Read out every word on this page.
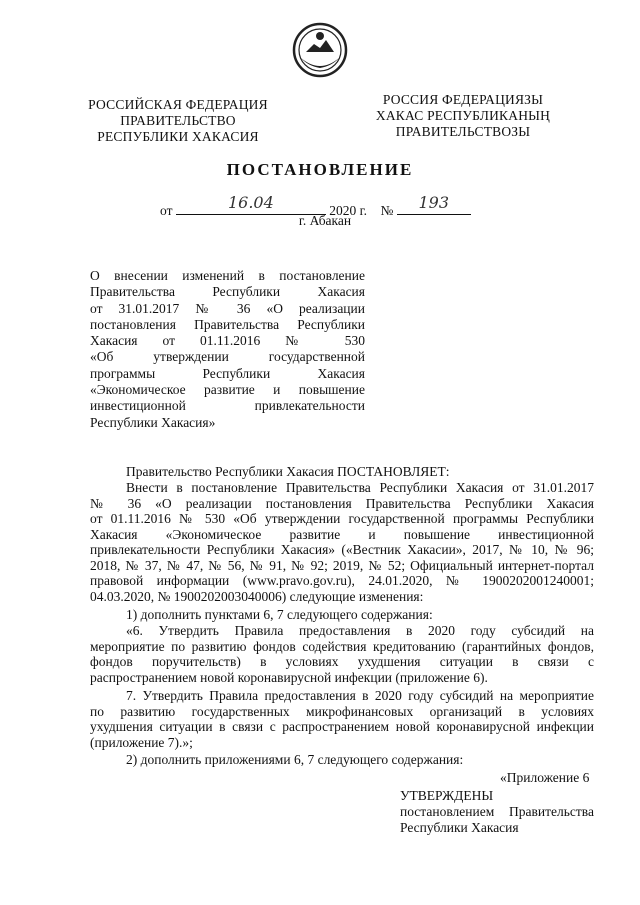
РОССИЙСКАЯ ФЕДЕРАЦИЯ
ПРАВИТЕЛЬСТВО
РЕСПУБЛИКИ ХАКАСИЯ
РОССИЯ ФЕДЕРАЦИЯЗЫ
ХАКАС РЕСПУБЛИКАНЫҢ
ПРАВИТЕЛЬСТВОЗЫ
ПОСТАНОВЛЕНИЕ
от	16.04	2020 г. №	193
г. Абакан

О внесении изменений в постановление

Правительства Республики Хакасия

от 31.01.2017 № 36 «О реализации

постановления Правительства Республики

Хакасия от 01.11.2016 № 530

«Об утверждении государственной

программы Республики Хакасия

«Экономическое развитие и повышение

инвестиционной привлекательности

Республики Хакасия»

Правительство Республики Хакасия ПОСТАНОВЛЯЕТ:

Внести в постановление Правительства Республики Хакасия от 31.01.2017

№ 36 «О реализации постановления Правительства Республики Хакасия

от 01.11.2016 № 530 «Об утверждении государственной программы Республики

Хакасия «Экономическое развитие и повышение инвестиционной

привлекательности Республики Хакасия» («Вестник Хакасии», 2017, № 10, № 96;

2018, № 37, № 47, № 56, № 91, № 92; 2019, № 52; Официальный интернет-портал

правовой информации (www.pravo.gov.ru), 24.01.2020, № 1900202001240001;

04.03.2020, № 1900202003040006) следующие изменения:

1) дополнить пунктами 6, 7 следующего содержания:

«6. Утвердить Правила предоставления в 2020 году субсидий на

мероприятие по развитию фондов содействия кредитованию (гарантийных фондов,

фондов поручительств) в условиях ухудшения ситуации в связи с

распространением новой коронавирусной инфекции (приложение 6).

7. Утвердить Правила предоставления в 2020 году субсидий на мероприятие

по развитию государственных микрофинансовых организаций в условиях

ухудшения ситуации в связи с распространением новой коронавирусной инфекции

(приложение 7).»;

2) дополнить приложениями 6, 7 следующего содержания:

«Приложение 6
УТВЕРЖДЕНЫ
постановлением Правительства
Республики Хакасия
